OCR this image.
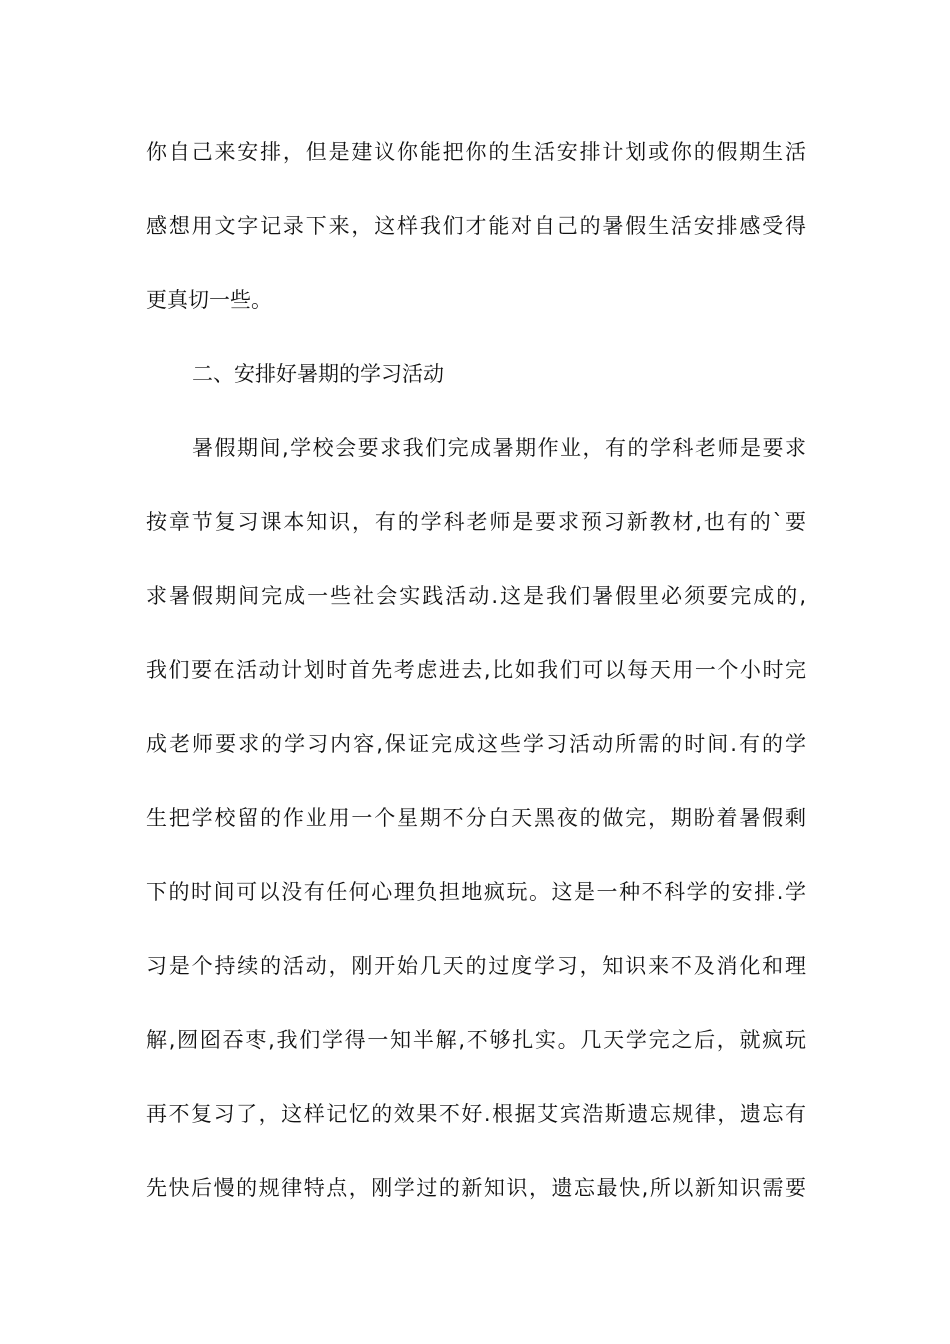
你自己来安排，但是建议你能把你的生活安排计划或你的假期生活
感想用文字记录下来，这样我们才能对自己的暑假生活安排感受得
更真切一些。
二、安排好暑期的学习活动
暑假期间,学校会要求我们完成暑期作业，有的学科老师是要求
按章节复习课本知识，有的学科老师是要求预习新教材,也有的`要
求暑假期间完成一些社会实践活动.这是我们暑假里必须要完成的,
我们要在活动计划时首先考虑进去,比如我们可以每天用一个小时完
成老师要求的学习内容,保证完成这些学习活动所需的时间.有的学
生把学校留的作业用一个星期不分白天黑夜的做完，期盼着暑假剩
下的时间可以没有任何心理负担地疯玩。这是一种不科学的安排.学
习是个持续的活动，刚开始几天的过度学习，知识来不及消化和理
解,囫囵吞枣,我们学得一知半解,不够扎实。几天学完之后，就疯玩
再不复习了，这样记忆的效果不好.根据艾宾浩斯遗忘规律，遗忘有
先快后慢的规律特点，刚学过的新知识，遗忘最快,所以新知识需要
